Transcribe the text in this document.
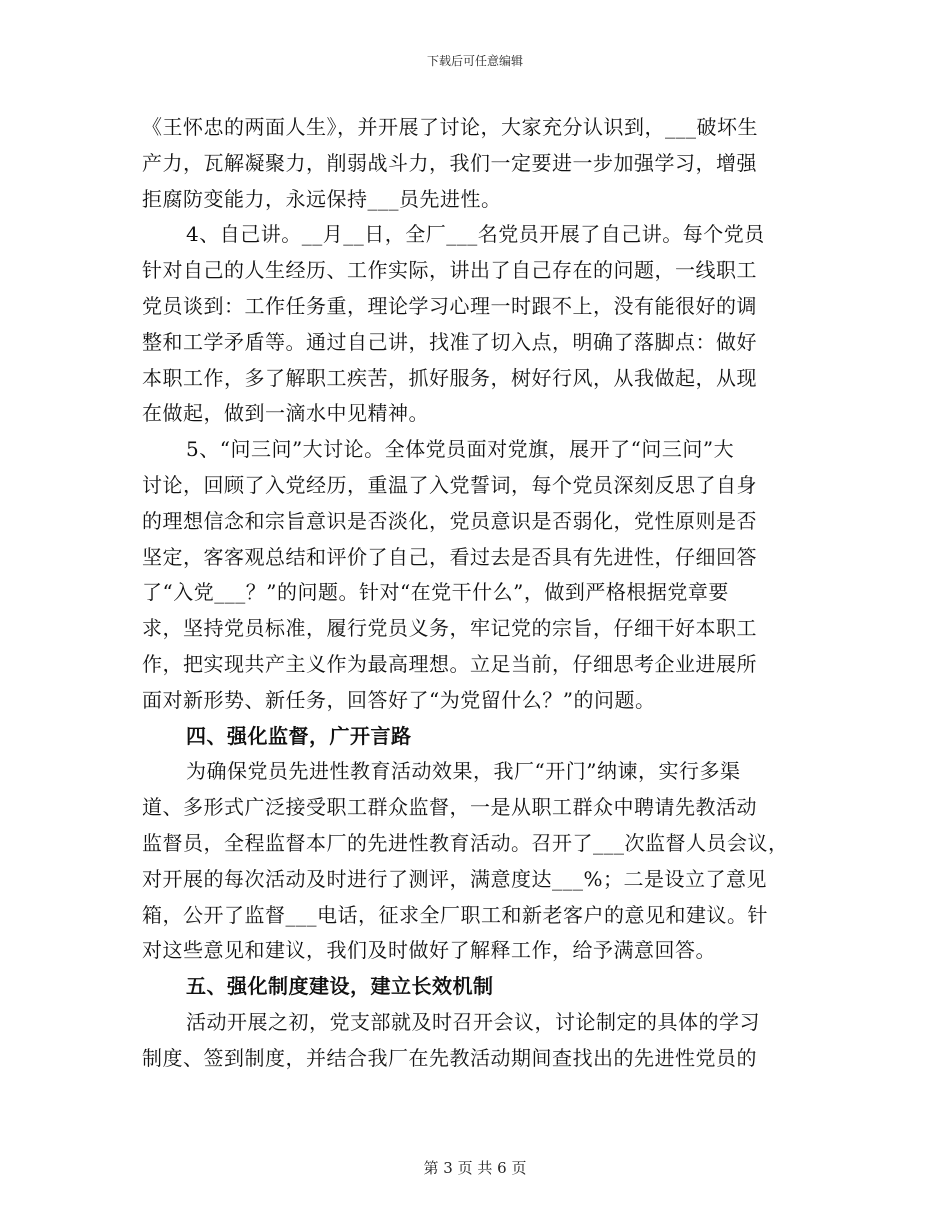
下载后可任意编辑
《王怀忠的两面人生》，并开展了讨论，大家充分认识到，___破坏生
产力，瓦解凝聚力，削弱战斗力，我们一定要进一步加强学习，增强
拒腐防变能力，永远保持___员先进性。
4、自己讲。__月__日，全厂___名党员开展了自己讲。每个党员
针对自己的人生经历、工作实际，讲出了自己存在的问题，一线职工
党员谈到：工作任务重，理论学习心理一时跟不上，没有能很好的调
整和工学矛盾等。通过自己讲，找准了切入点，明确了落脚点：做好
本职工作，多了解职工疾苦，抓好服务，树好行风，从我做起，从现
在做起，做到一滴水中见精神。
5、“问三问”大讨论。全体党员面对党旗，展开了“问三问”大
讨论，回顾了入党经历，重温了入党誓词，每个党员深刻反思了自身
的理想信念和宗旨意识是否淡化，党员意识是否弱化，党性原则是否
坚定，客客观总结和评价了自己，看过去是否具有先进性，仔细回答
了“入党___？”的问题。针对“在党干什么”，做到严格根据党章要
求，坚持党员标准，履行党员义务，牢记党的宗旨，仔细干好本职工
作，把实现共产主义作为最高理想。立足当前，仔细思考企业进展所
面对新形势、新任务，回答好了“为党留什么？”的问题。
四、强化监督，广开言路
为确保党员先进性教育活动效果，我厂“开门”纳谏，实行多渠
道、多形式广泛接受职工群众监督，一是从职工群众中聘请先教活动
监督员，全程监督本厂的先进性教育活动。召开了___次监督人员会议，
对开展的每次活动及时进行了测评，满意度达___%；二是设立了意见
箱，公开了监督___电话，征求全厂职工和新老客户的意见和建议。针
对这些意见和建议，我们及时做好了解释工作，给予满意回答。
五、强化制度建设，建立长效机制
活动开展之初，党支部就及时召开会议，讨论制定的具体的学习
制度、签到制度，并结合我厂在先教活动期间查找出的先进性党员的
第 3 页 共 6 页
